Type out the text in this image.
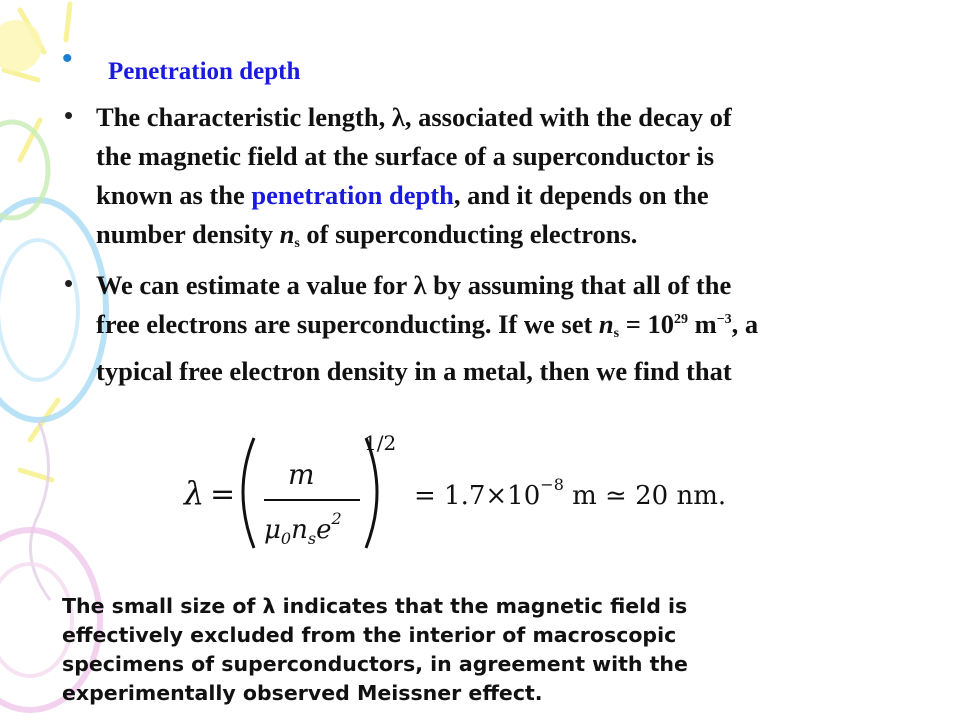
• Penetration depth
• The characteristic length, λ, associated with the decay of
the magnetic field at the surface of a superconductor is
known as the penetration depth, and it depends on the
number density $n_s$ of superconducting electrons.
• We can estimate a value for λ by assuming that all of the
free electrons are superconducting. If we set $n_s = 10^{29}$ $m^{-3}$, a
typical free electron density in a metal, then we find that
λ =
m
$\mu_0n_se^2$
1/2
= $1.7\times 10^{-8}$ m ≃ 20 nm.
The small size of λ indicates that the magnetic field is
effectively excluded from the interior of macroscopic
specimens of superconductors, in agreement with the
experimentally observed Meissner effect.
